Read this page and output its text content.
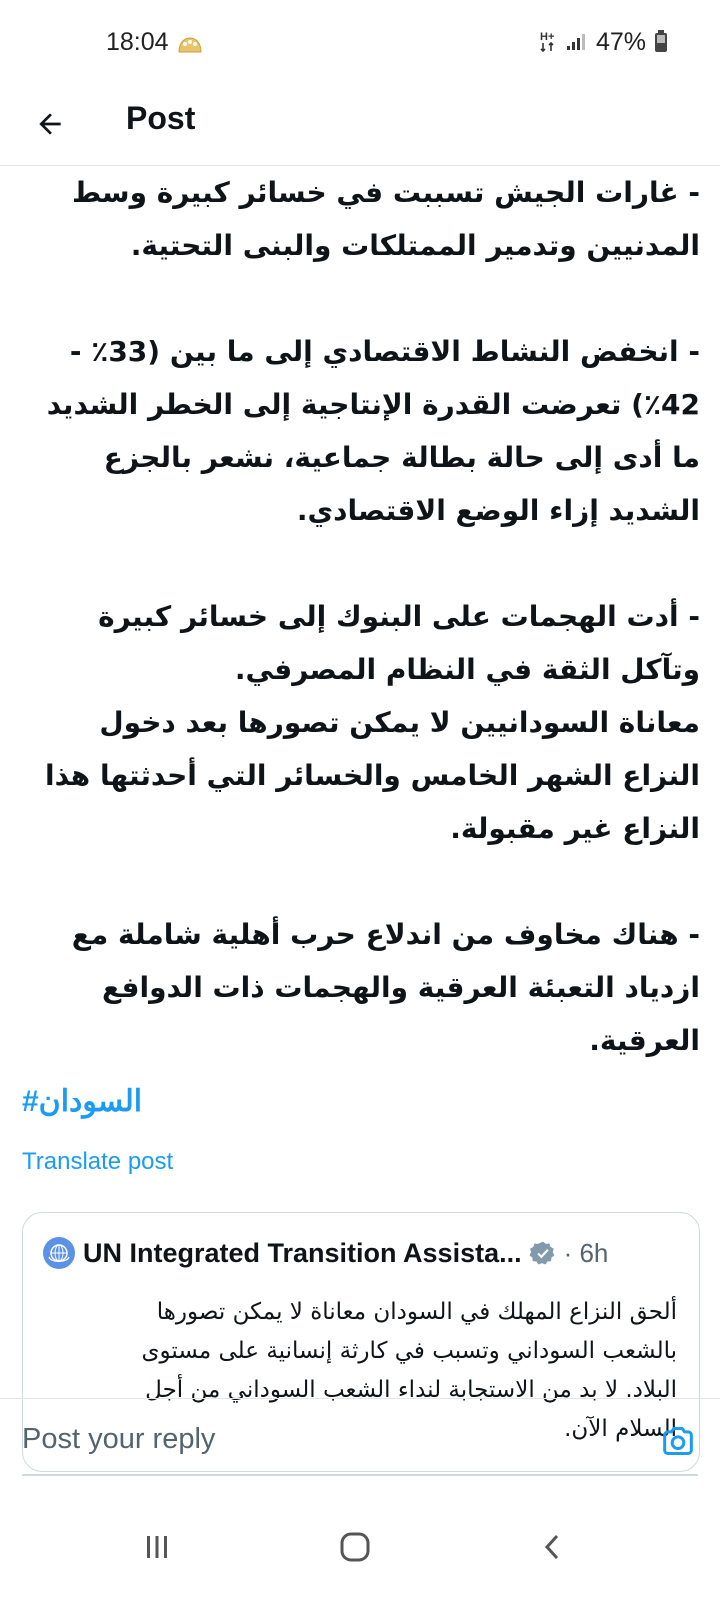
18:04	H+ 47%
Post

- غارات الجيش تسببت في خسائر كبيرة وسط المدنيين وتدمير الممتلكات والبنى التحتية.

- انخفض النشاط الاقتصادي إلى ما بين (33٪ - 42٪) تعرضت القدرة الإنتاجية إلى الخطر الشديد ما أدى إلى حالة بطالة جماعية، نشعر بالجزع الشديد إزاء الوضع الاقتصادي.

- أدت الهجمات على البنوك إلى خسائر كبيرة وتآكل الثقة في النظام المصرفي.

معاناة السودانيين لا يمكن تصورها بعد دخول النزاع الشهر الخامس والخسائر التي أحدثتها هذا النزاع غير مقبولة.

- هناك مخاوف من اندلاع حرب أهلية شاملة مع ازدياد التعبئة العرقية والهجمات ذات الدوافع العرقية.

السودان#
Translate post
UN Integrated Transition Assista... · 6h

ألحق النزاع المهلك في السودان معاناة لا يمكن تصورها بالشعب السوداني وتسبب في كارثة إنسانية على مستوى البلاد. لا بد من الاستجابة لنداء الشعب السوداني من أجل السلام الآن.

Post your reply
